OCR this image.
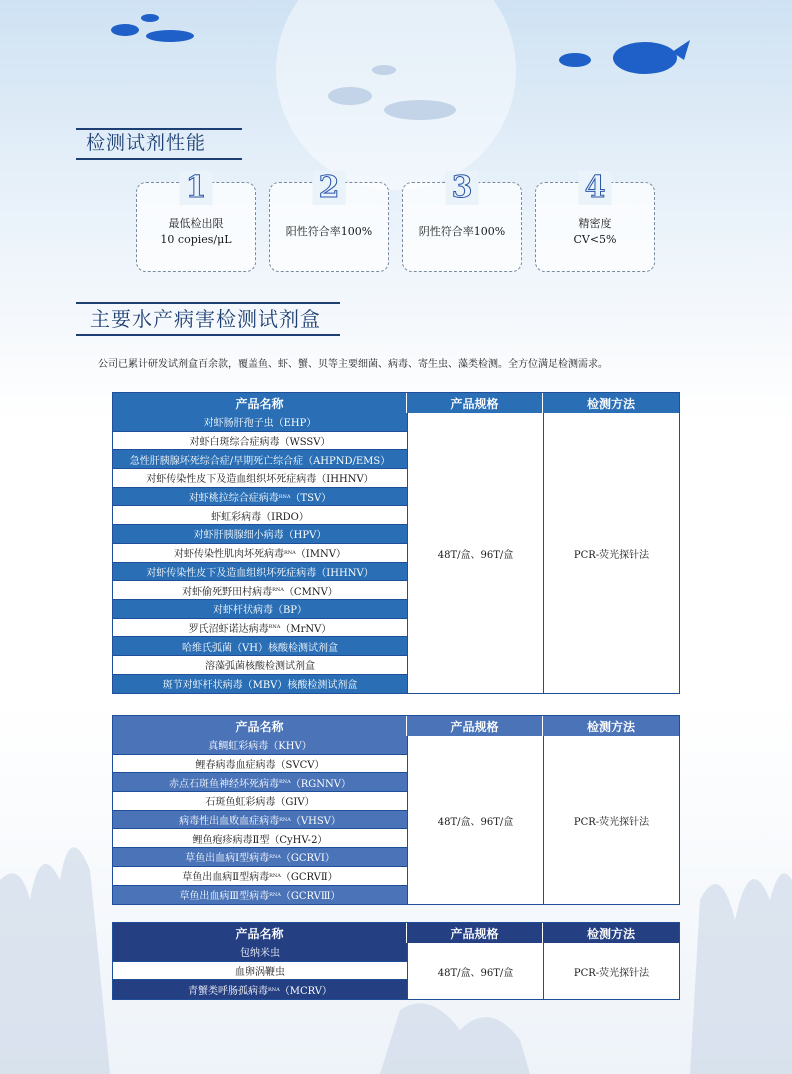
检测试剂性能
1
最低检出限
10 copies/μL
2
阳性符合率100%
3
阴性符合率100%
4
精密度
CV<5%
主要水产病害检测试剂盒
公司已累计研发试剂盒百余款，覆盖鱼、虾、蟹、贝等主要细菌、病毒、寄生虫、藻类检测。全方位满足检测需求。
产品名称	产品规格	检测方法
对虾肠肝孢子虫（EHP）
对虾白斑综合症病毒（WSSV）
急性肝胰腺坏死综合症/早期死亡综合症（AHPND/EMS）
对虾传染性皮下及造血组织坏死症病毒（IHHNV）
对虾桃拉综合症病毒 RNA （TSV）
虾虹彩病毒（IRDO）
对虾肝胰腺细小病毒（HPV）
对虾传染性肌肉坏死病毒 RNA （IMNV）
对虾传染性皮下及造血组织坏死症病毒（IHHNV）
对虾偷死野田村病毒 RNA （CMNV）
对虾杆状病毒（BP）
罗氏沼虾诺达病毒 RNA （MrNV）
哈维氏弧菌（VH）核酸检测试剂盒
溶藻弧菌核酸检测试剂盒
斑节对虾杆状病毒（MBV）核酸检测试剂盒
48T/盒、96T/盒	PCR-荧光探针法
产品名称	产品规格	检测方法
真鲷虹彩病毒（KHV）
鲤春病毒血症病毒（SVCV）
赤点石斑鱼神经坏死病毒 RNA （RGNNV）
石斑鱼虹彩病毒（GIV）
病毒性出血败血症病毒 RNA （VHSV）
鲤鱼疱疹病毒Ⅱ型（CyHV-2）
草鱼出血病Ⅰ型病毒 RNA （GCRVⅠ）
草鱼出血病Ⅱ型病毒 RNA （GCRVⅡ）
草鱼出血病Ⅲ型病毒 RNA （GCRVⅢ）
48T/盒、96T/盒	PCR-荧光探针法
产品名称	产品规格	检测方法
包纳米虫
血卵涡鞭虫
青蟹类呼肠孤病毒 RNA （MCRV）
48T/盒、96T/盒	PCR-荧光探针法
